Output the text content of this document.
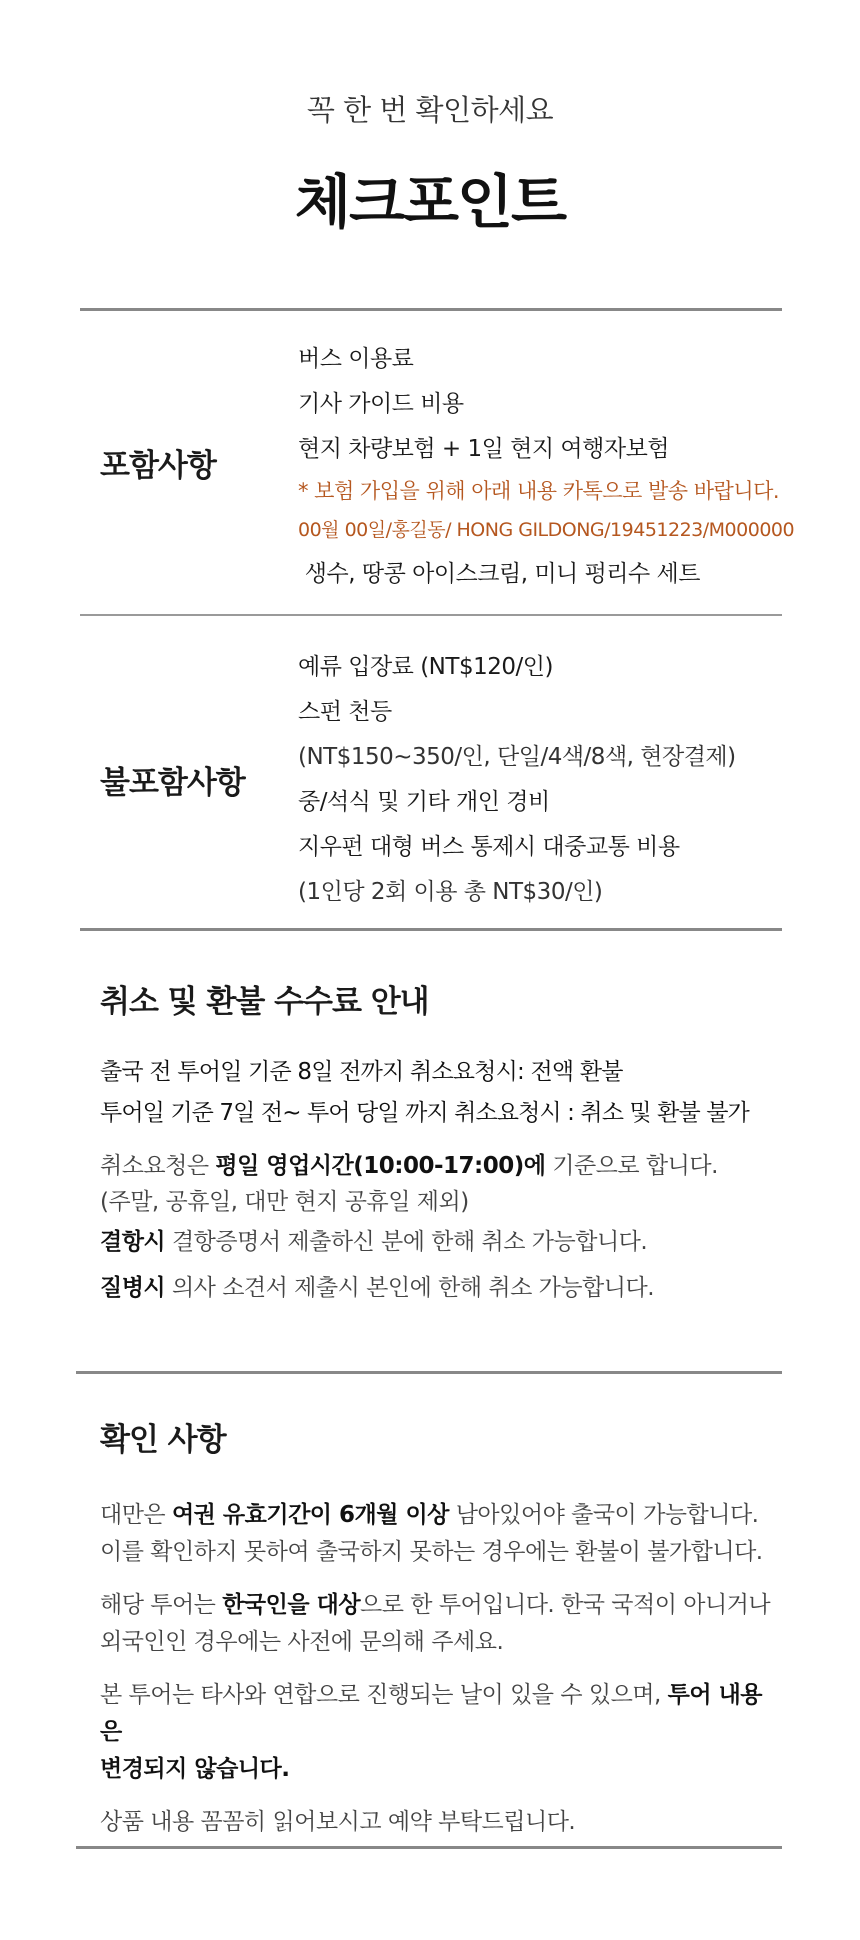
꼭 한 번 확인하세요
체크포인트
포함사항
버스 이용료
기사 가이드 비용
현지 차량보험 + 1일 현지 여행자보험
* 보험 가입을 위해 아래 내용 카톡으로 발송 바랍니다.
00월 00일/홍길동/ HONG GILDONG/19451223/M000000
생수, 땅콩 아이스크림, 미니 펑리수 세트
불포함사항
예류 입장료 (NT$120/인)
스펀 천등
(NT$150~350/인, 단일/4색/8색, 현장결제)
중/석식 및 기타 개인 경비
지우펀 대형 버스 통제시 대중교통 비용
(1인당 2회 이용 총 NT$30/인)
취소 및 환불 수수료 안내

출국 전 투어일 기준 8일 전까지 취소요청시: 전액 환불

투어일 기준 7일 전~ 투어 당일 까지 취소요청시 : 취소 및 환불 불가

취소요청은 평일 영업시간(10:00-17:00)에 기준으로 합니다.

(주말, 공휴일, 대만 현지 공휴일 제외)

결항시 결항증명서 제출하신 분에 한해 취소 가능합니다.

질병시 의사 소견서 제출시 본인에 한해 취소 가능합니다.

확인 사항

대만은 여권 유효기간이 6개월 이상 남아있어야 출국이 가능합니다.

이를 확인하지 못하여 출국하지 못하는 경우에는 환불이 불가합니다.

해당 투어는 한국인을 대상으로 한 투어입니다. 한국 국적이 아니거나

외국인인 경우에는 사전에 문의해 주세요.

본 투어는 타사와 연합으로 진행되는 날이 있을 수 있으며, 투어 내용은

변경되지 않습니다.

상품 내용 꼼꼼히 읽어보시고 예약 부탁드립니다.
